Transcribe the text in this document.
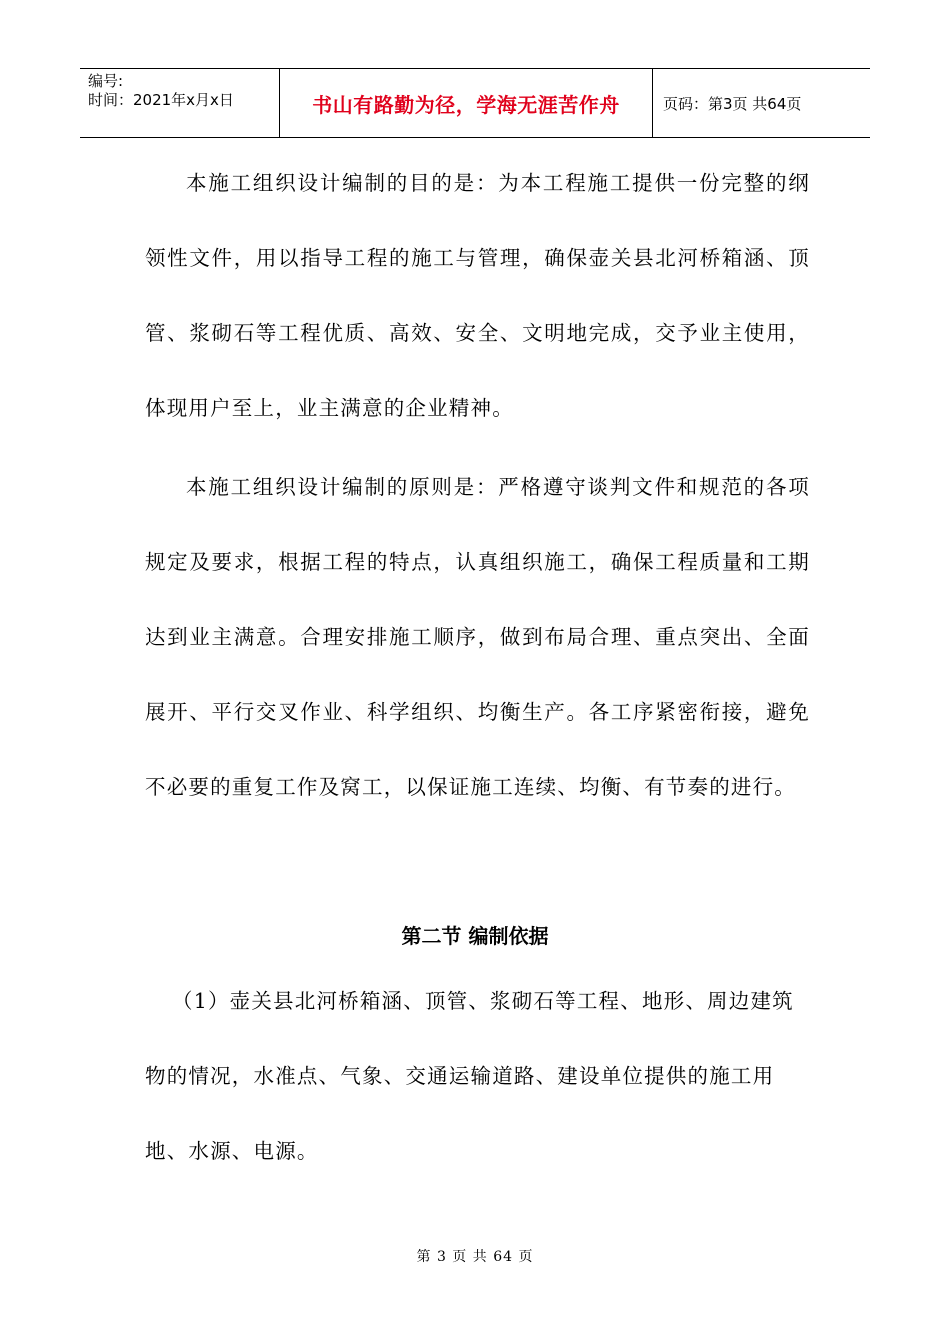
编号:
时间：2021年x月x日	书山有路勤为径，学海无涯苦作舟	页码：第3页 共64页

本施工组织设计编制的目的是：为本工程施工提供一份完整的纲领性文件，用以指导工程的施工与管理，确保壶关县北河桥箱涵、顶管、浆砌石等工程优质、高效、安全、文明地完成，交予业主使用，体现用户至上，业主满意的企业精神。

本施工组织设计编制的原则是：严格遵守谈判文件和规范的各项规定及要求，根据工程的特点，认真组织施工，确保工程质量和工期达到业主满意。合理安排施工顺序，做到布局合理、重点突出、全面展开、平行交叉作业、科学组织、均衡生产。各工序紧密衔接，避免不必要的重复工作及窝工，以保证施工连续、均衡、有节奏的进行。

第二节 编制依据

（1）壶关县北河桥箱涵、顶管、浆砌石等工程、地形、周边建筑物的情况，水准点、气象、交通运输道路、建设单位提供的施工用地、水源、电源。

第 3 页 共 64 页
